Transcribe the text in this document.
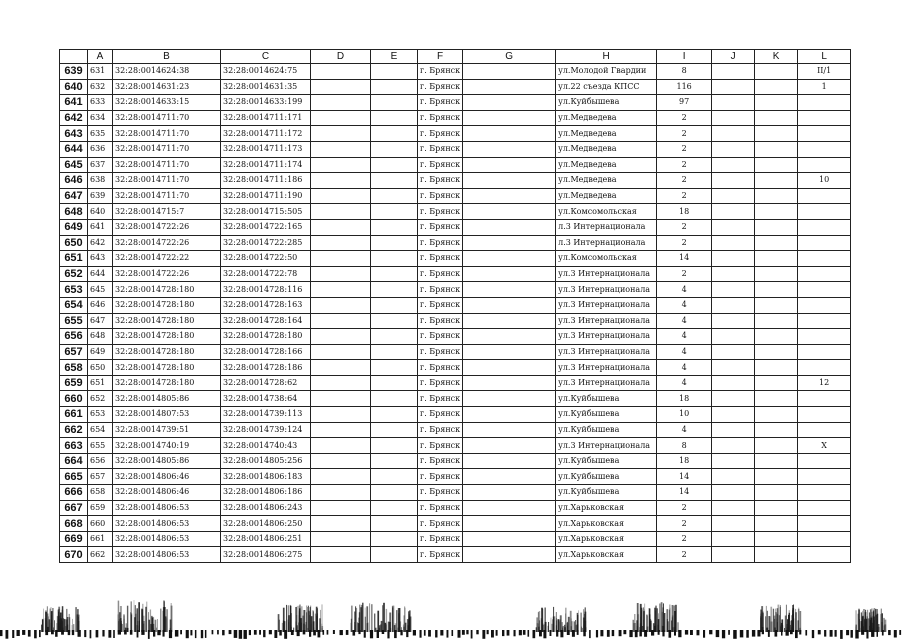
	A	B	C	D	E	F	G	H	I	J	K	L
639	631	32:28:0014624:38	32:28:0014624:75			г. Брянск		ул.Молодой Гвардии	8			II/1
640	632	32:28:0014631:23	32:28:0014631:35			г. Брянск		ул.22 съезда КПСС	116			1
641	633	32:28:0014633:15	32:28:0014633:199			г. Брянск		ул.Куйбышева	97			
642	634	32:28:0014711:70	32:28:0014711:171			г. Брянск		ул.Медведева	2			
643	635	32:28:0014711:70	32:28:0014711:172			г. Брянск		ул.Медведева	2			
644	636	32:28:0014711:70	32:28:0014711:173			г. Брянск		ул.Медведева	2			
645	637	32:28:0014711:70	32:28:0014711:174			г. Брянск		ул.Медведева	2			
646	638	32:28:0014711:70	32:28:0014711:186			г. Брянск		ул.Медведева	2			10
647	639	32:28:0014711:70	32:28:0014711:190			г. Брянск		ул.Медведева	2			
648	640	32:28:0014715:7	32:28:0014715:505			г. Брянск		ул.Комсомольская	18			
649	641	32:28:0014722:26	32:28:0014722:165			г. Брянск		л.3 Интернационала	2			
650	642	32:28:0014722:26	32:28:0014722:285			г. Брянск		л.3 Интернационала	2			
651	643	32:28:0014722:22	32:28:0014722:50			г. Брянск		ул.Комсомольская	14			
652	644	32:28:0014722:26	32:28:0014722:78			г. Брянск		ул.3 Интернационала	2			
653	645	32:28:0014728:180	32:28:0014728:116			г. Брянск		ул.3 Интернационала	4			
654	646	32:28:0014728:180	32:28:0014728:163			г. Брянск		ул.3 Интернационала	4			
655	647	32:28:0014728:180	32:28:0014728:164			г. Брянск		ул.3 Интернационала	4			
656	648	32:28:0014728:180	32:28:0014728:180			г. Брянск		ул.3 Интернационала	4			
657	649	32:28:0014728:180	32:28:0014728:166			г. Брянск		ул.3 Интернационала	4			
658	650	32:28:0014728:180	32:28:0014728:186			г. Брянск		ул.3 Интернационала	4			
659	651	32:28:0014728:180	32:28:0014728:62			г. Брянск		ул.3 Интернационала	4			12
660	652	32:28:0014805:86	32:28:0014738:64			г. Брянск		ул.Куйбышева	18			
661	653	32:28:0014807:53	32:28:0014739:113			г. Брянск		ул.Куйбышева	10			
662	654	32:28:0014739:51	32:28:0014739:124			г. Брянск		ул.Куйбышева	4			
663	655	32:28:0014740:19	32:28:0014740:43			г. Брянск		ул.3 Интернационала	8			X
664	656	32:28:0014805:86	32:28:0014805:256			г. Брянск		ул.Куйбышева	18			
665	657	32:28:0014806:46	32:28:0014806:183			г. Брянск		ул.Куйбышева	14			
666	658	32:28:0014806:46	32:28:0014806:186			г. Брянск		ул.Куйбышева	14			
667	659	32:28:0014806:53	32:28:0014806:243			г. Брянск		ул.Харьковская	2			
668	660	32:28:0014806:53	32:28:0014806:250			г. Брянск		ул.Харьковская	2			
669	661	32:28:0014806:53	32:28:0014806:251			г. Брянск		ул.Харьковская	2			
670	662	32:28:0014806:53	32:28:0014806:275			г. Брянск		ул.Харьковская	2			
